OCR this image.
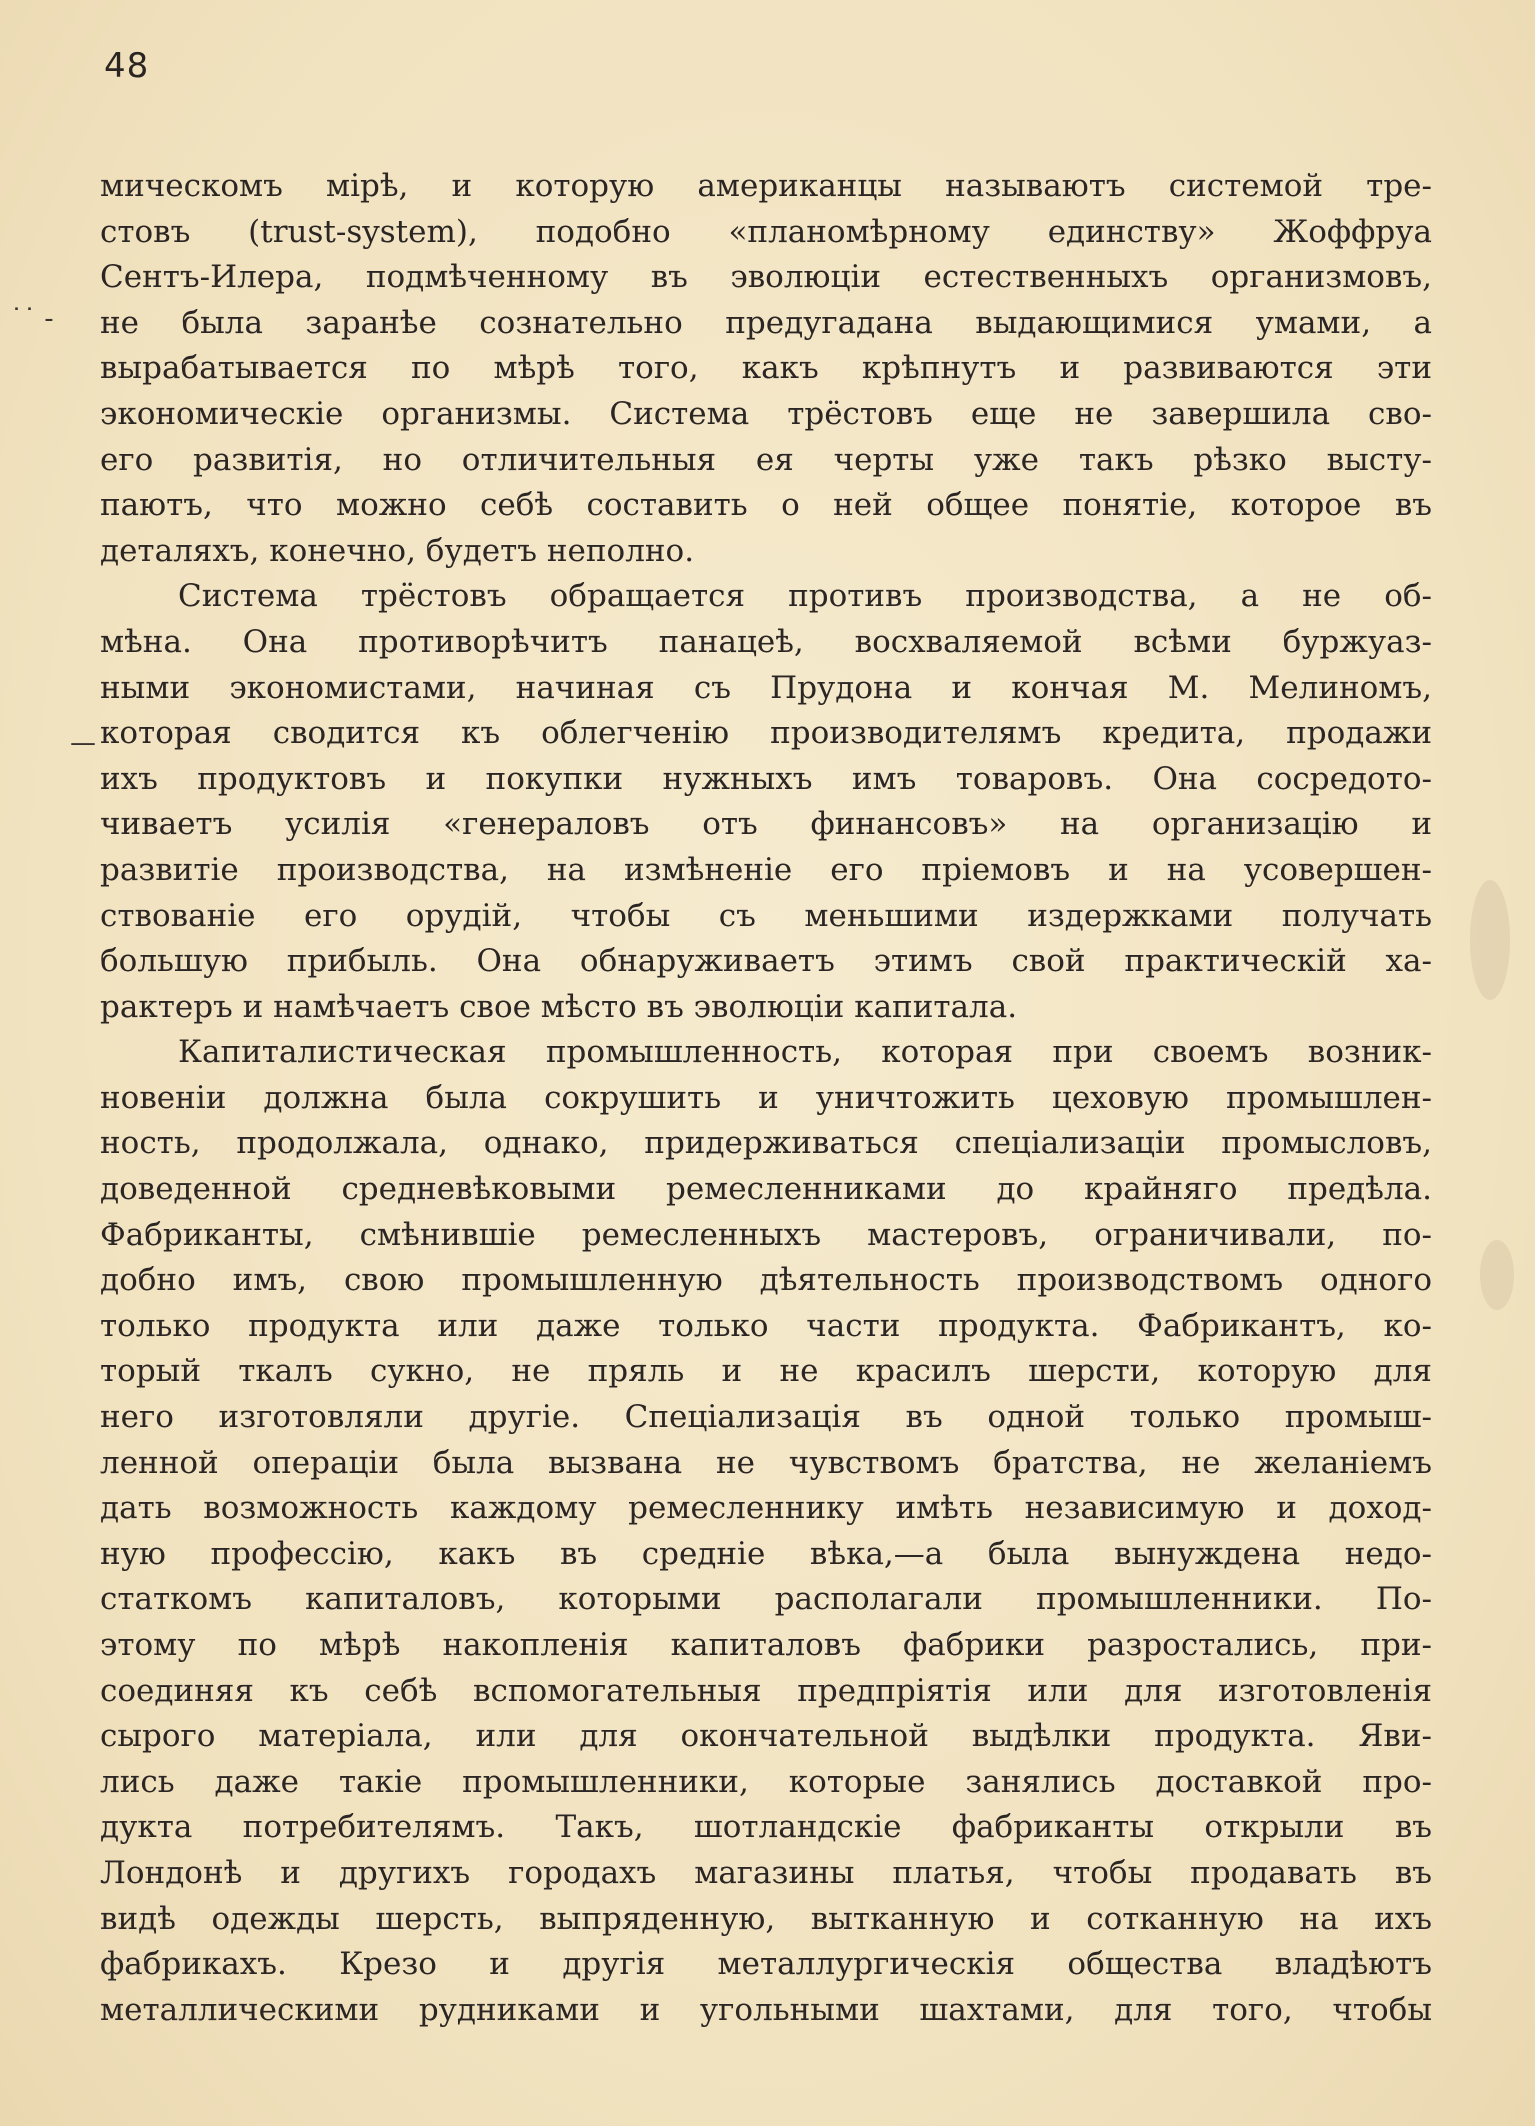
48
˙˙ -
—
мическомъ мірѣ, и которую американцы называютъ системой тре-
стовъ (trust-system), подобно «планомѣрному единству» Жоффруа
Сентъ-Илера, подмѣченному въ эволюціи естественныхъ организмовъ,
не была заранѣе сознательно предугадана выдающимися умами, а
вырабатывается по мѣрѣ того, какъ крѣпнутъ и развиваются эти
экономическіе организмы. Система трёстовъ еще не завершила сво-
его развитія, но отличительныя ея черты уже такъ рѣзко высту-
паютъ, что можно себѣ составить о ней общее понятіе, которое въ
деталяхъ, конечно, будетъ неполно.
Система трёстовъ обращается противъ производства, а не об-
мѣна. Она противорѣчитъ панацеѣ, восхваляемой всѣми буржуаз-
ными экономистами, начиная съ Прудона и кончая М. Мелиномъ,
которая сводится къ облегченію производителямъ кредита, продажи
ихъ продуктовъ и покупки нужныхъ имъ товаровъ. Она сосредото-
чиваетъ усилія «генераловъ отъ финансовъ» на организацію и
развитіе производства, на измѣненіе его пріемовъ и на усовершен-
ствованіе его орудій, чтобы съ меньшими издержками получать
большую прибыль. Она обнаруживаетъ этимъ свой практическій ха-
рактеръ и намѣчаетъ свое мѣсто въ эволюціи капитала.
Капиталистическая промышленность, которая при своемъ возник-
новеніи должна была сокрушить и уничтожить цеховую промышлен-
ность, продолжала, однако, придерживаться спеціализаціи промысловъ,
доведенной средневѣковыми ремесленниками до крайняго предѣла.
Фабриканты, смѣнившіе ремесленныхъ мастеровъ, ограничивали, по-
добно имъ, свою промышленную дѣятельность производствомъ одного
только продукта или даже только части продукта. Фабрикантъ, ко-
торый ткалъ сукно, не пряль и не красилъ шерсти, которую для
него изготовляли другіе. Спеціализація въ одной только промыш-
ленной операціи была вызвана не чувствомъ братства, не желаніемъ
дать возможность каждому ремесленнику имѣть независимую и доход-
ную профессію, какъ въ средніе вѣка,—а была вынуждена недо-
статкомъ капиталовъ, которыми располагали промышленники. По-
этому по мѣрѣ накопленія капиталовъ фабрики разростались, при-
соединяя къ себѣ вспомогательныя предпріятія или для изготовленія
сырого матеріала, или для окончательной выдѣлки продукта. Яви-
лись даже такіе промышленники, которые занялись доставкой про-
дукта потребителямъ. Такъ, шотландскіе фабриканты открыли въ
Лондонѣ и другихъ городахъ магазины платья, чтобы продавать въ
видѣ одежды шерсть, выпряденную, вытканную и сотканную на ихъ
фабрикахъ. Крезо и другія металлургическія общества владѣютъ
металлическими рудниками и угольными шахтами, для того, чтобы
